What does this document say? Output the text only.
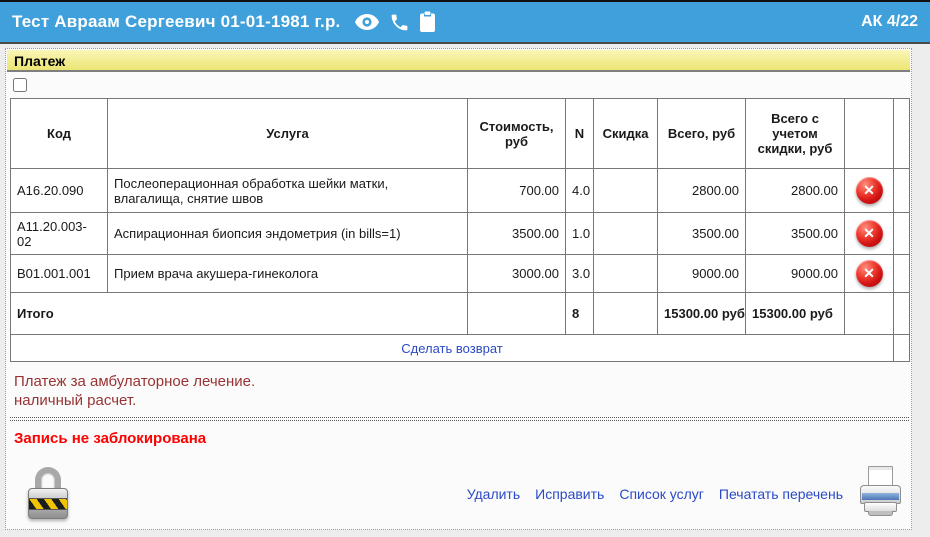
Тест Авраам Сергеевич 01-01-1981 г.р.	АК 4/22
Платеж
Код	Услуга	Стоимость, руб	N	Скидка	Всего, руб	Всего с учетом скидки, руб		
А16.20.090	Послеоперационная обработка шейки матки, влагалища, снятие швов	700.00	4.0		2800.00	2800.00	✕	

А11.20.003-02	Аспирационная биопсия эндометрия (in bills=1)	3500.00	1.0		3500.00	3500.00	✕	

В01.001.001	Прием врача акушера-гинеколога	3000.00	3.0		9000.00	9000.00	✕	

Итого			8		15300.00 руб	15300.00 руб		
Сделать возврат								
Платеж за амбулаторное лечение.
наличный расчет.
Запись не заблокирована
Удалить Исправить Список услуг Печатать перечень
